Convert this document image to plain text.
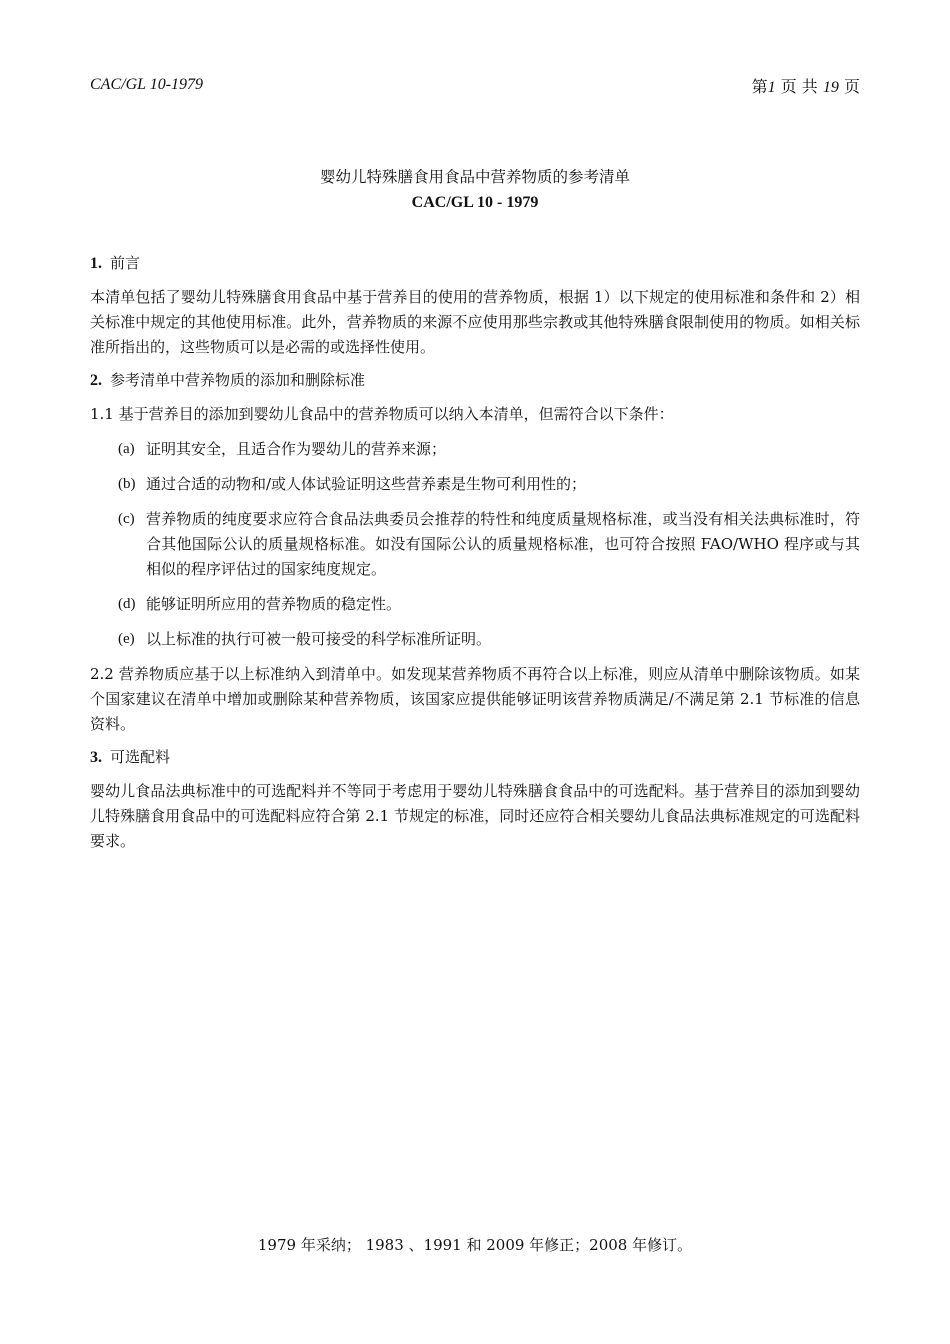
CAC/GL 10-1979	第1 页 共 19 页
婴幼儿特殊膳食用食品中营养物质的参考清单
CAC/GL 10 - 1979
1. 前言

本清单包括了婴幼儿特殊膳食用食品中基于营养目的使用的营养物质，根据 1）以下规定的使用标准和条件和 2）相关标准中规定的其他使用标准。此外，营养物质的来源不应使用那些宗教或其他特殊膳食限制使用的物质。如相关标准所指出的，这些物质可以是必需的或选择性使用。

2. 参考清单中营养物质的添加和删除标准

1.1 基于营养目的添加到婴幼儿食品中的营养物质可以纳入本清单，但需符合以下条件：

(a) 证明其安全，且适合作为婴幼儿的营养来源；
(b) 通过合适的动物和/或人体试验证明这些营养素是生物可利用性的；
(c) 营养物质的纯度要求应符合食品法典委员会推荐的特性和纯度质量规格标准，或当没有相关法典标准时，符合其他国际公认的质量规格标准。如没有国际公认的质量规格标准，也可符合按照 FAO/WHO 程序或与其相似的程序评估过的国家纯度规定。
(d) 能够证明所应用的营养物质的稳定性。
(e) 以上标准的执行可被一般可接受的科学标准所证明。

2.2 营养物质应基于以上标准纳入到清单中。如发现某营养物质不再符合以上标准，则应从清单中删除该物质。如某个国家建议在清单中增加或删除某种营养物质，该国家应提供能够证明该营养物质满足/不满足第 2.1 节标准的信息资料。

3. 可选配料

婴幼儿食品法典标准中的可选配料并不等同于考虑用于婴幼儿特殊膳食食品中的可选配料。基于营养目的添加到婴幼儿特殊膳食用食品中的可选配料应符合第 2.1 节规定的标准，同时还应符合相关婴幼儿食品法典标准规定的可选配料要求。

1979 年采纳； 1983 、1991 和 2009 年修正；2008 年修订。
